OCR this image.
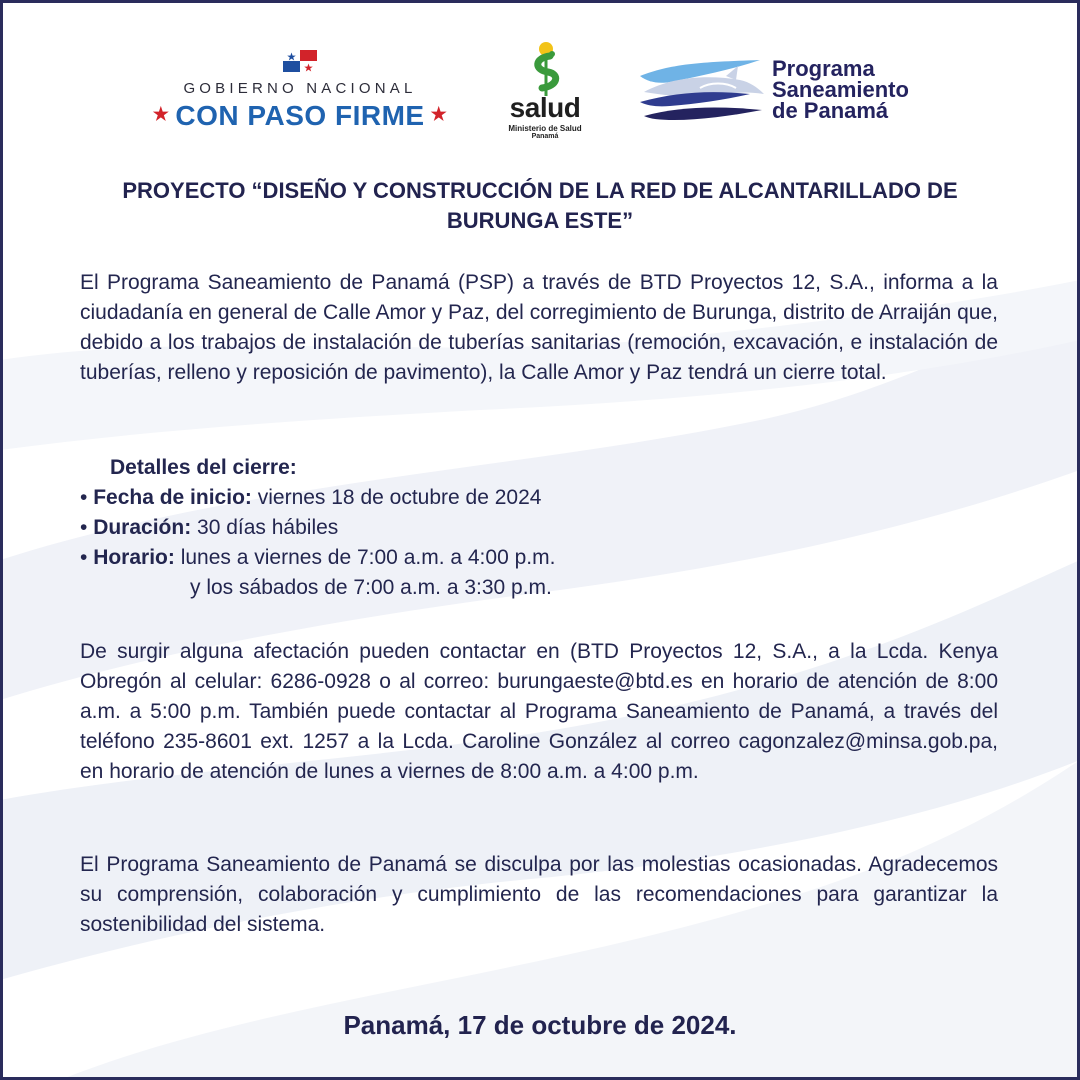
GOBIERNO NACIONAL
★ CON PASO FIRME ★	salud
Ministerio de Salud
Panamá
Programa
Saneamiento
de Panamá
PROYECTO “DISEÑO Y CONSTRUCCIÓN DE LA RED DE ALCANTARILLADO DE
BURUNGA ESTE”
El Programa Saneamiento de Panamá (PSP) a través de BTD Proyectos 12, S.A., informa a la ciudadanía en general de Calle Amor y Paz, del corregimiento de Burunga, distrito de Arraiján que, debido a los trabajos de instalación de tuberías sanitarias (remoción, excavación, e instalación de tuberías, relleno y reposición de pavimento), la Calle Amor y Paz tendrá un cierre total.
Detalles del cierre:
• Fecha de inicio: viernes 18 de octubre de 2024
• Duración: 30 días hábiles
• Horario: lunes a viernes de 7:00 a.m. a 4:00 p.m.
y los sábados de 7:00 a.m. a 3:30 p.m.
De surgir alguna afectación pueden contactar en (BTD Proyectos 12, S.A., a la Lcda. Kenya Obregón al celular: 6286-0928 o al correo: burungaeste@btd.es en horario de atención de 8:00 a.m. a 5:00 p.m. También puede contactar al Programa Saneamiento de Panamá, a través del teléfono 235-8601 ext. 1257 a la Lcda. Caroline González al correo cagonzalez@minsa.gob.pa, en horario de atención de lunes a viernes de 8:00 a.m. a 4:00 p.m.
El Programa Saneamiento de Panamá se disculpa por las molestias ocasionadas. Agradecemos su comprensión, colaboración y cumplimiento de las recomendaciones para garantizar la sostenibilidad del sistema.
Panamá, 17 de octubre de 2024.
